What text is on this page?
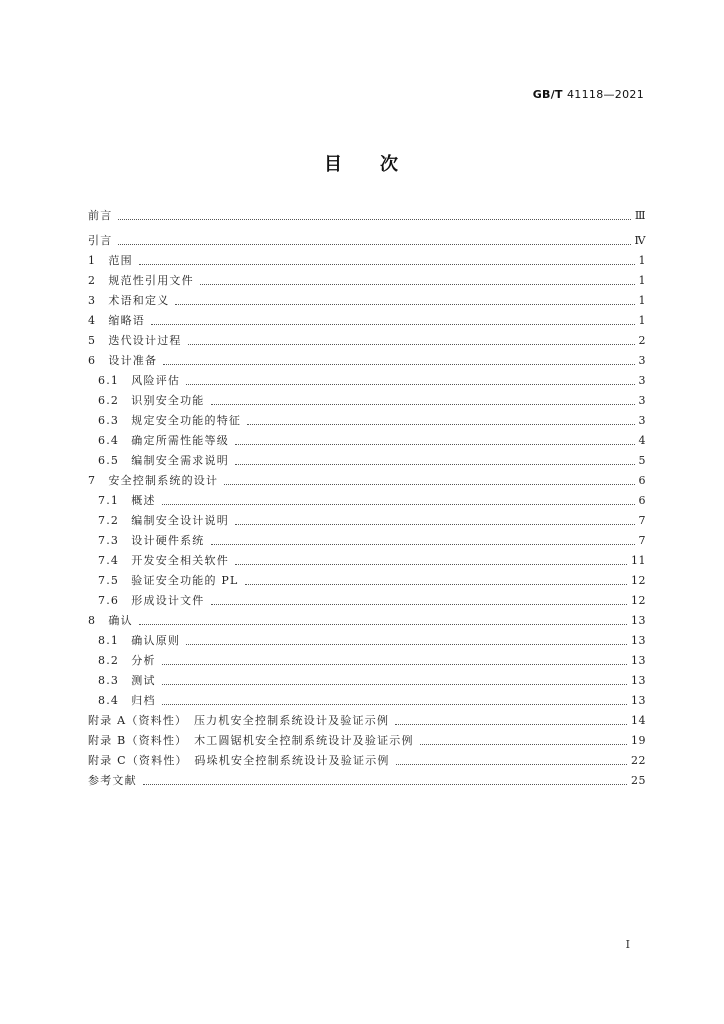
GB/T 41118—2021
目次
前言	Ⅲ
引言	Ⅳ
1　范围	1
2　规范性引用文件	1
3　术语和定义	1
4　缩略语	1
5　迭代设计过程	2
6　设计准备	3
6.1　风险评估	3
6.2　识别安全功能	3
6.3　规定安全功能的特征	3
6.4　确定所需性能等级	4
6.5　编制安全需求说明	5
7　安全控制系统的设计	6
7.1　概述	6
7.2　编制安全设计说明	7
7.3　设计硬件系统	7
7.4　开发安全相关软件	11
7.5　验证安全功能的 PL	12
7.6　形成设计文件	12
8　确认	13
8.1　确认原则	13
8.2　分析	13
8.3　测试	13
8.4　归档	13
附录 A（资料性）　压力机安全控制系统设计及验证示例	14
附录 B（资料性）　木工圆锯机安全控制系统设计及验证示例	19
附录 C（资料性）　码垛机安全控制系统设计及验证示例	22
参考文献	25
I
